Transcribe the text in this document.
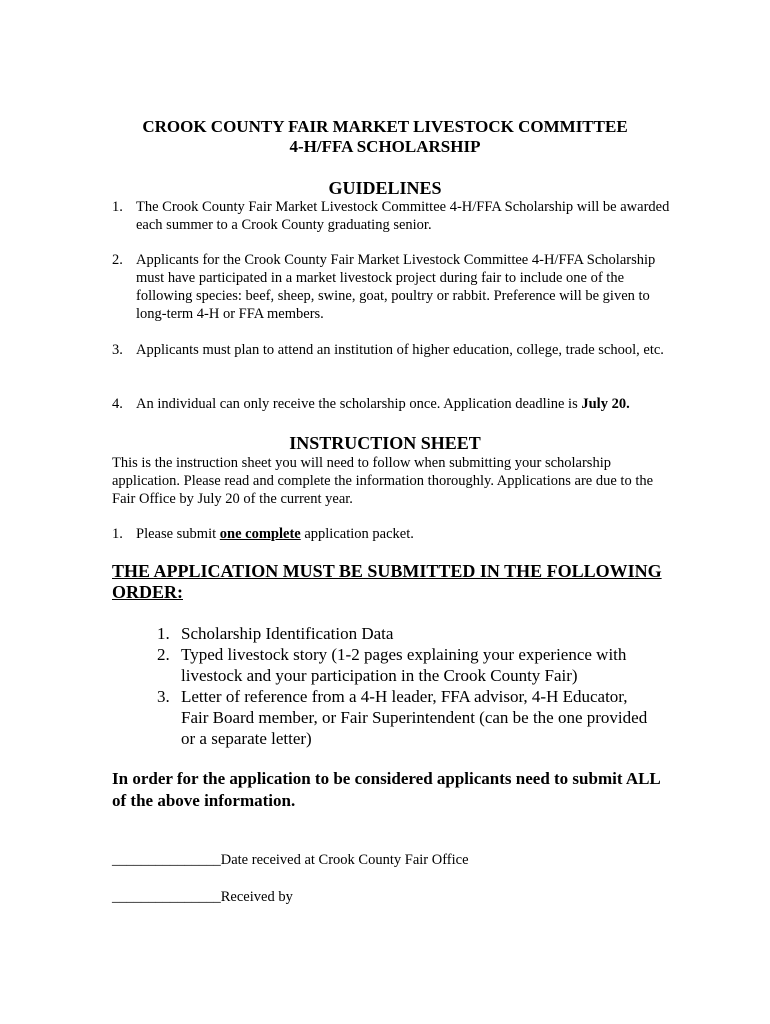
CROOK COUNTY FAIR MARKET LIVESTOCK COMMITTEE
4-H/FFA SCHOLARSHIP
GUIDELINES
1. The Crook County Fair Market Livestock Committee 4-H/FFA Scholarship will be awarded each summer to a Crook County graduating senior.
2. Applicants for the Crook County Fair Market Livestock Committee 4-H/FFA Scholarship must have participated in a market livestock project during fair to include one of the following species: beef, sheep, swine, goat, poultry or rabbit. Preference will be given to long-term 4-H or FFA members.
3. Applicants must plan to attend an institution of higher education, college, trade school, etc.
4. An individual can only receive the scholarship once. Application deadline is July 20.
INSTRUCTION SHEET
This is the instruction sheet you will need to follow when submitting your scholarship application. Please read and complete the information thoroughly. Applications are due to the Fair Office by July 20 of the current year.
1. Please submit one complete application packet.
THE APPLICATION MUST BE SUBMITTED IN THE FOLLOWING ORDER:
1. Scholarship Identification Data
2. Typed livestock story (1-2 pages explaining your experience with livestock and your participation in the Crook County Fair)
3. Letter of reference from a 4-H leader, FFA advisor, 4-H Educator, Fair Board member, or Fair Superintendent (can be the one provided or a separate letter)
In order for the application to be considered applicants need to submit ALL of the above information.
_______________Date received at Crook County Fair Office
_______________Received by
